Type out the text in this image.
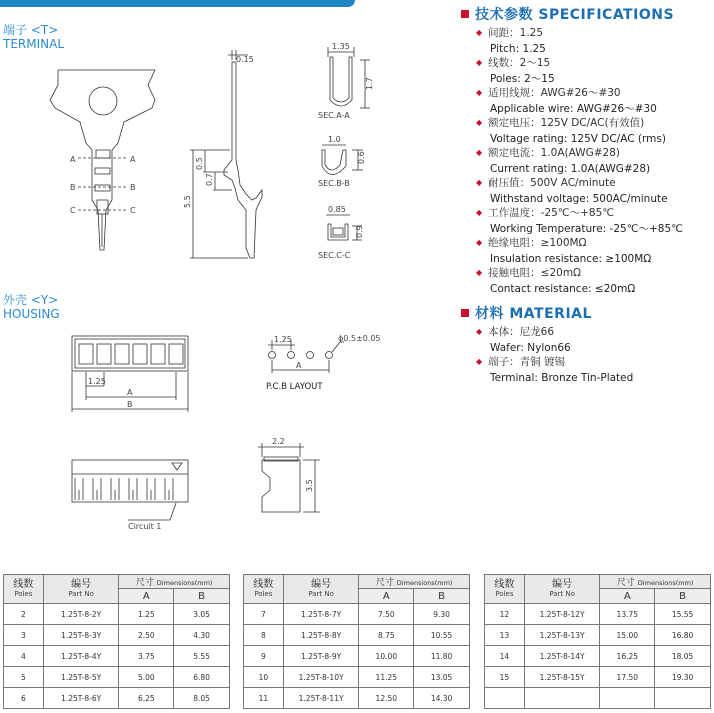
端子 <T>
TERMINAL
外壳 <Y>
HOUSING
A	A
B	B
C	C
0.15
0.5
0.7
5.5
1.35
1.7
SEC.A-A
1.0
0.6
SEC.B-B
0.85
0.9
SEC.C-C
1.25
A
B
1.25	ϕ0.5±0.05
A
P.C.B LAYOUT
2.2
3.5
Circuit 1
技术参数 SPECIFICATIONS
◆ 间距：1.25
Pitch: 1.25
◆ 线数：2～15
Poles: 2～15
◆ 适用线规：AWG#26～#30
Applicable wire: AWG#26～#30
◆ 额定电压：125V DC/AC(有效值)
Voltage rating: 125V DC/AC (rms)
◆ 额定电流：1.0A(AWG#28)
Current rating: 1.0A(AWG#28)
◆ 耐压值：500V AC/minute
Withstand voltage: 500AC/minute
◆ 工作温度：-25℃～+85℃
Working Temperature: -25℃～+85℃
◆ 绝缘电阻：≥100MΩ
Insulation resistance: ≥100MΩ
◆ 接触电阻：≤20mΩ
Contact resistance: ≤20mΩ
材料 MATERIAL
◆ 本体：尼龙66
Wafer: Nylon66
◆ 端子：青铜 镀锡
Terminal: Bronze Tin-Plated
线数
Poles	编号
Part No	尺寸 Dimensions(mm)	
		A	B
2	1.25T-8-2Y	1.25	3.05
3	1.25T-8-3Y	2.50	4.30
4	1.25T-8-4Y	3.75	5.55
5	1.25T-8-5Y	5.00	6.80
6	1.25T-8-6Y	6.25	8.05
线数
Poles	编号
Part No	尺寸 Dimensions(mm)	
		A	B
7	1.25T-8-7Y	7.50	9.30
8	1.25T-8-8Y	8.75	10.55
9	1.25T-8-9Y	10.00	11.80
10	1.25T-8-10Y	11.25	13.05
11	1.25T-8-11Y	12.50	14.30
线数
Poles	编号
Part No	尺寸 Dimensions(mm)	
		A	B
12	1.25T-8-12Y	13.75	15.55
13	1.25T-8-13Y	15.00	16.80
14	1.25T-8-14Y	16.25	18.05
15	1.25T-8-15Y	17.50	19.30
